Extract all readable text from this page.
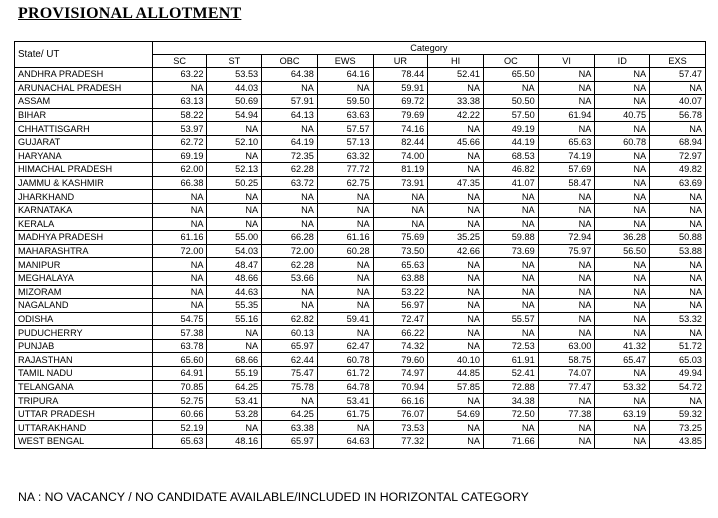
PROVISIONAL ALLOTMENT
State/ UT	Category									
	SC	ST	OBC	EWS	UR	HI	OC	VI	ID	EXS
ANDHRA PRADESH	63.22	53.53	64.38	64.16	78.44	52.41	65.50	NA	NA	57.47
ARUNACHAL PRADESH	NA	44.03	NA	NA	59.91	NA	NA	NA	NA	NA
ASSAM	63.13	50.69	57.91	59.50	69.72	33.38	50.50	NA	NA	40.07
BIHAR	58.22	54.94	64.13	63.63	79.69	42.22	57.50	61.94	40.75	56.78
CHHATTISGARH	53.97	NA	NA	57.57	74.16	NA	49.19	NA	NA	NA
GUJARAT	62.72	52.10	64.19	57.13	82.44	45.66	44.19	65.63	60.78	68.94
HARYANA	69.19	NA	72.35	63.32	74.00	NA	68.53	74.19	NA	72.97
HIMACHAL PRADESH	62.00	52.13	62.28	77.72	81.19	NA	46.82	57.69	NA	49.82
JAMMU & KASHMIR	66.38	50.25	63.72	62.75	73.91	47.35	41.07	58.47	NA	63.69
JHARKHAND	NA	NA	NA	NA	NA	NA	NA	NA	NA	NA
KARNATAKA	NA	NA	NA	NA	NA	NA	NA	NA	NA	NA
KERALA	NA	NA	NA	NA	NA	NA	NA	NA	NA	NA
MADHYA PRADESH	61.16	55.00	66.28	61.16	75.69	35.25	59.88	72.94	36.28	50.88
MAHARASHTRA	72.00	54.03	72.00	60.28	73.50	42.66	73.69	75.97	56.50	53.88
MANIPUR	NA	48.47	62.28	NA	65.63	NA	NA	NA	NA	NA
MEGHALAYA	NA	48.66	53.66	NA	63.88	NA	NA	NA	NA	NA
MIZORAM	NA	44.63	NA	NA	53.22	NA	NA	NA	NA	NA
NAGALAND	NA	55.35	NA	NA	56.97	NA	NA	NA	NA	NA
ODISHA	54.75	55.16	62.82	59.41	72.47	NA	55.57	NA	NA	53.32
PUDUCHERRY	57.38	NA	60.13	NA	66.22	NA	NA	NA	NA	NA
PUNJAB	63.78	NA	65.97	62.47	74.32	NA	72.53	63.00	41.32	51.72
RAJASTHAN	65.60	68.66	62.44	60.78	79.60	40.10	61.91	58.75	65.47	65.03
TAMIL NADU	64.91	55.19	75.47	61.72	74.97	44.85	52.41	74.07	NA	49.94
TELANGANA	70.85	64.25	75.78	64.78	70.94	57.85	72.88	77.47	53.32	54.72
TRIPURA	52.75	53.41	NA	53.41	66.16	NA	34.38	NA	NA	NA
UTTAR PRADESH	60.66	53.28	64.25	61.75	76.07	54.69	72.50	77.38	63.19	59.32
UTTARAKHAND	52.19	NA	63.38	NA	73.53	NA	NA	NA	NA	73.25
WEST BENGAL	65.63	48.16	65.97	64.63	77.32	NA	71.66	NA	NA	43.85
NA : NO VACANCY / NO CANDIDATE AVAILABLE/INCLUDED IN HORIZONTAL CATEGORY
